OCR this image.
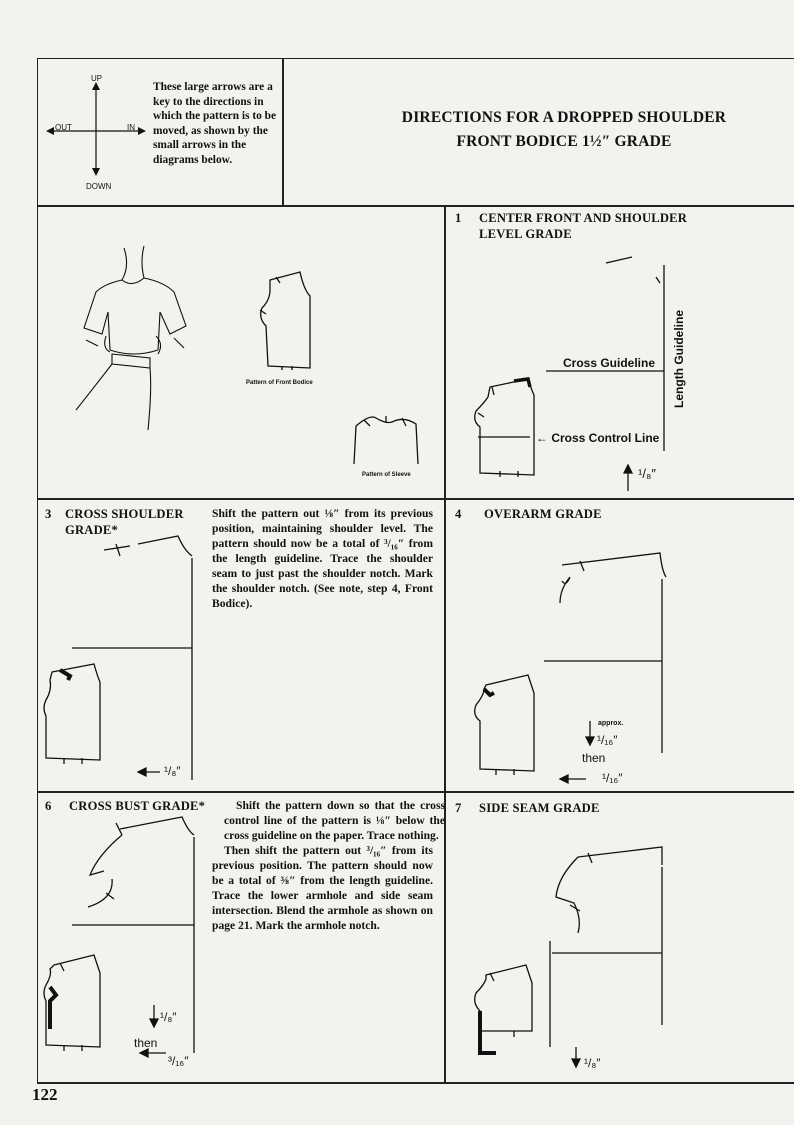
UP
DOWN
OUT	IN
These large arrows are a key to the directions in which the pattern is to be moved, as shown by the small arrows in the diagrams below.
DIRECTIONS FOR A DROPPED SHOULDER
FRONT BODICE 1½″ GRADE
Pattern of Front Bodice
Pattern of Sleeve
1 CENTER FRONT AND SHOULDER
LEVEL GRADE
Cross Guideline Length Guideline
← Cross Control Line
¹/₈″
3 CROSS SHOULDER
GRADE*
Shift the pattern out ⅛″ from its previous position, maintaining shoulder level. The pattern should now be a total of ³/₁₆″ from the length guideline. Trace the shoulder seam to just past the shoulder notch. Mark the shoulder notch. (See note, step 4, Front Bodice).
¹/₈″
4 OVERARM GRADE
approx.
¹/₁₆″
then
¹/₁₆″
6 CROSS BUST GRADE*	Shift the pattern down so that the cross control line of the pattern is ⅛″ below the cross guideline on the paper. Trace nothing.
Then shift the pattern out ³/₁₆″ from its previous position. The pattern should now be a total of ⅜″ from the length guideline. Trace the lower armhole and side seam intersection. Blend the armhole as shown on page 21. Mark the armhole notch.
¹/₈″
then
³/₁₆″
7 SIDE SEAM GRADE
¹/₈″
122
